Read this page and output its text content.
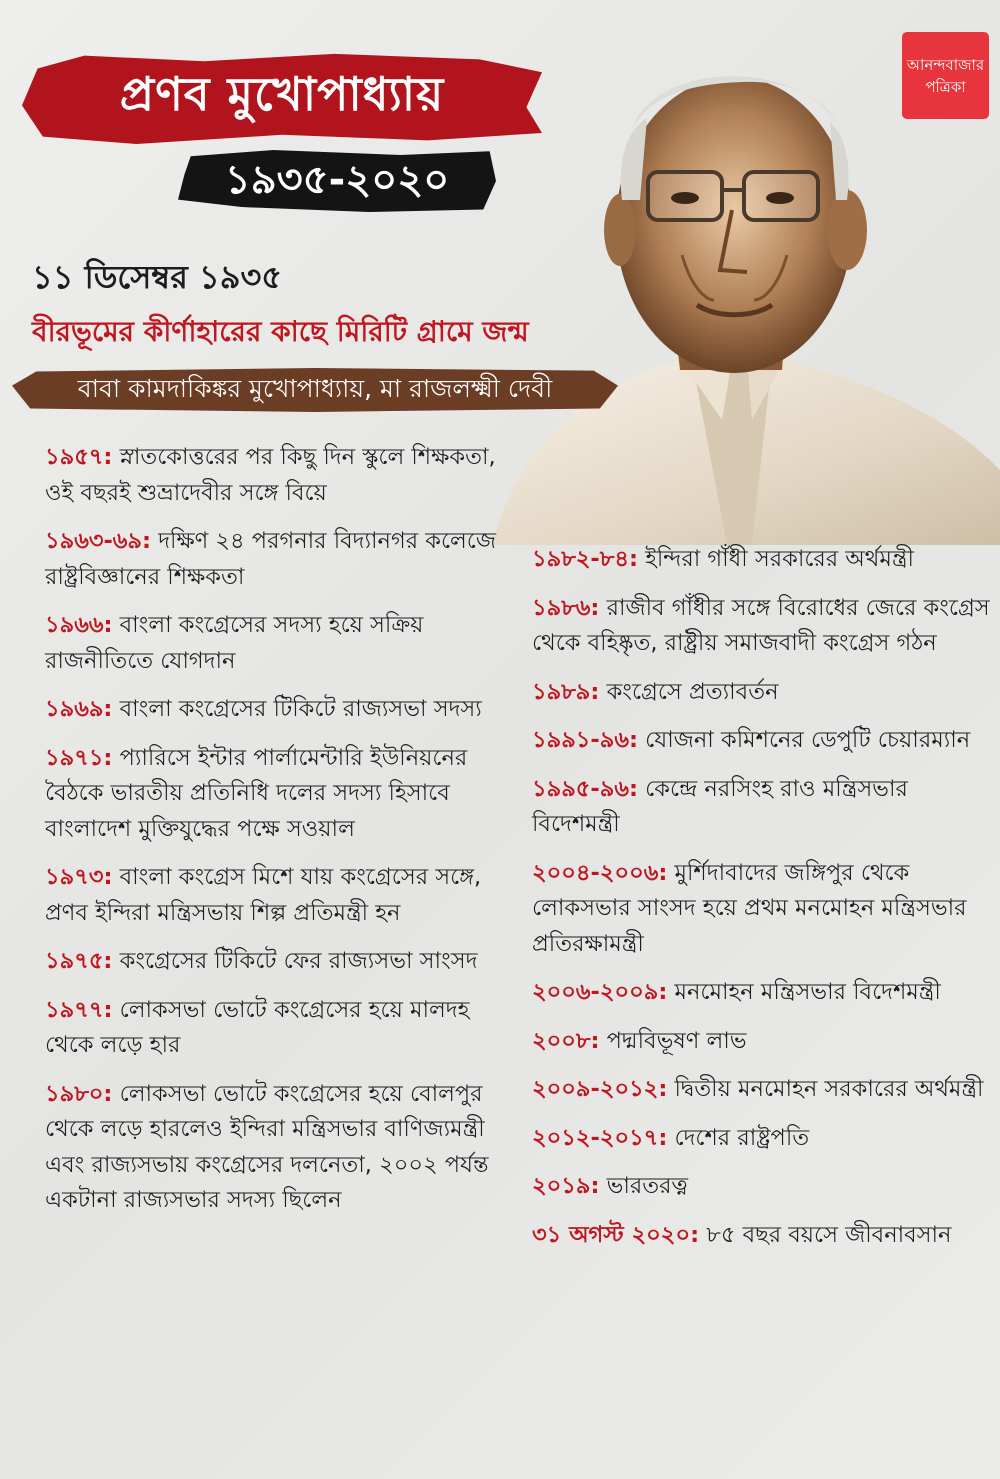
আনন্দবাজার
পত্রিকা
প্রণব মুখোপাধ্যায়
১৯৩৫-২০২০
১১ ডিসেম্বর ১৯৩৫
বীরভূমের কীর্ণাহারের কাছে মিরিটি গ্রামে জন্ম
বাবা কামদাকিঙ্কর মুখোপাধ্যায়, মা রাজলক্ষ্মী দেবী
১৯৫৭: স্নাতকোত্তরের পর কিছু দিন স্কুলে শিক্ষকতা, ওই বছরই শুভ্রাদেবীর সঙ্গে বিয়ে
১৯৬৩-৬৯: দক্ষিণ ২৪ পরগনার বিদ্যানগর কলেজে রাষ্ট্রবিজ্ঞানের শিক্ষকতা
১৯৬৬: বাংলা কংগ্রেসের সদস্য হয়ে সক্রিয় রাজনীতিতে যোগদান
১৯৬৯: বাংলা কংগ্রেসের টিকিটে রাজ্যসভা সদস্য
১৯৭১: প্যারিসে ইন্টার পার্লামেন্টারি ইউনিয়নের বৈঠকে ভারতীয় প্রতিনিধি দলের সদস্য হিসাবে বাংলাদেশ মুক্তিযুদ্ধের পক্ষে সওয়াল
১৯৭৩: বাংলা কংগ্রেস মিশে যায় কংগ্রেসের সঙ্গে, প্রণব ইন্দিরা মন্ত্রিসভায় শিল্প প্রতিমন্ত্রী হন
১৯৭৫: কংগ্রেসের টিকিটে ফের রাজ্যসভা সাংসদ
১৯৭৭: লোকসভা ভোটে কংগ্রেসের হয়ে মালদহ থেকে লড়ে হার
১৯৮০: লোকসভা ভোটে কংগ্রেসের হয়ে বোলপুর থেকে লড়ে হারলেও ইন্দিরা মন্ত্রিসভার বাণিজ্যমন্ত্রী এবং রাজ্যসভায় কংগ্রেসের দলনেতা, ২০০২ পর্যন্ত একটানা রাজ্যসভার সদস্য ছিলেন
১৯৮২-৮৪: ইন্দিরা গাঁধী সরকারের অর্থমন্ত্রী
১৯৮৬: রাজীব গাঁধীর সঙ্গে বিরোধের জেরে কংগ্রেস থেকে বহিষ্কৃত, রাষ্ট্রীয় সমাজবাদী কংগ্রেস গঠন
১৯৮৯: কংগ্রেসে প্রত্যাবর্তন
১৯৯১-৯৬: যোজনা কমিশনের ডেপুটি চেয়ারম্যান
১৯৯৫-৯৬: কেন্দ্রে নরসিংহ রাও মন্ত্রিসভার বিদেশমন্ত্রী
২০০৪-২০০৬: মুর্শিদাবাদের জঙ্গিপুর থেকে লোকসভার সাংসদ হয়ে প্রথম মনমোহন মন্ত্রিসভার প্রতিরক্ষামন্ত্রী
২০০৬-২০০৯: মনমোহন মন্ত্রিসভার বিদেশমন্ত্রী
২০০৮: পদ্মবিভূষণ লাভ
২০০৯-২০১২: দ্বিতীয় মনমোহন সরকারের অর্থমন্ত্রী
২০১২-২০১৭: দেশের রাষ্ট্রপতি
২০১৯: ভারতরত্ন
৩১ অগস্ট ২০২০: ৮৫ বছর বয়সে জীবনাবসান
